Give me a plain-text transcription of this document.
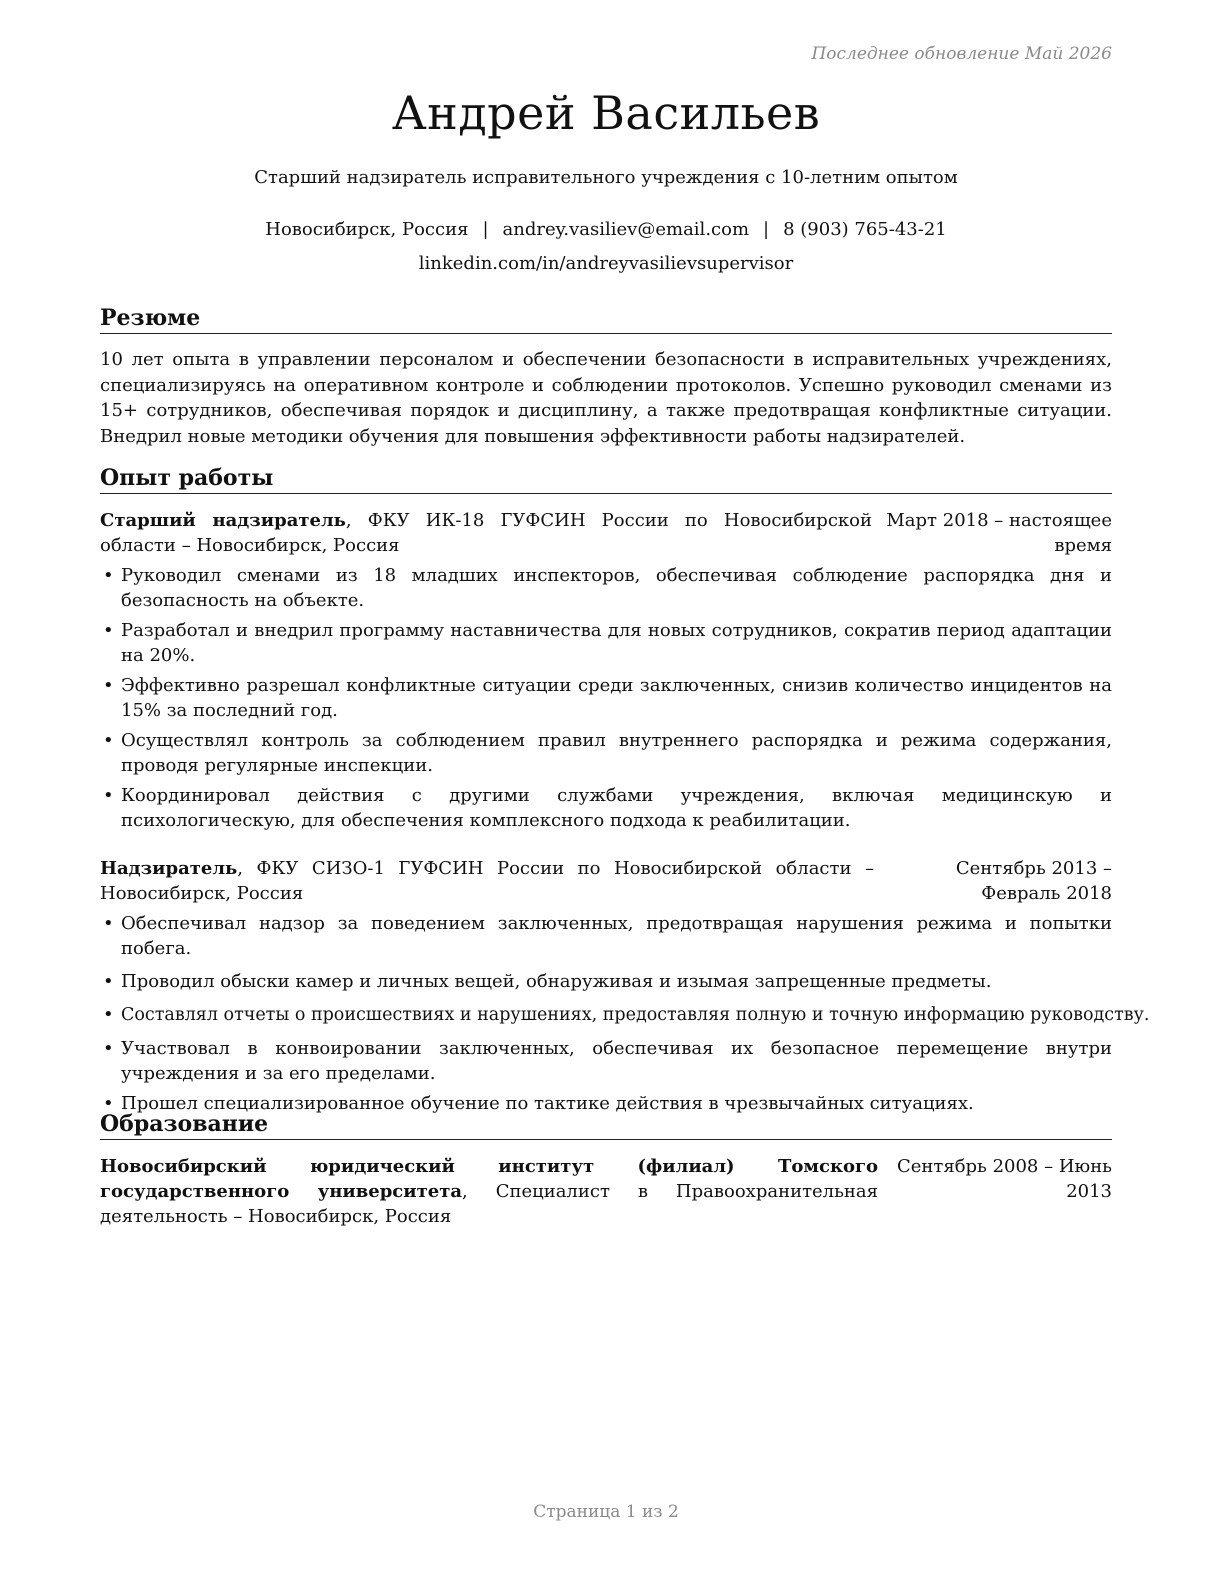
Последнее обновление Май 2026
Андрей Васильев
Старший надзиратель исправительного учреждения с 10-летним опытом
Новосибирск, Россия | andrey.vasiliev@email.com | 8 (903) 765-43-21
linkedin.com/in/andreyvasilievsupervisor
Резюме
10 лет опыта в управлении персоналом и обеспечении безопасности в исправительных учреждениях, специализируясь на оперативном контроле и соблюдении протоколов. Успешно руководил сменами из 15+ сотрудников, обеспечивая порядок и дисциплину, а также предотвращая конфликтные ситуации. Внедрил новые методики обучения для повышения эффективности работы надзирателей.
Опыт работы
Старший надзиратель, ФКУ ИК-18 ГУФСИН России по Новосибирской области – Новосибирск, Россия
Март 2018 – настоящее время
• Руководил сменами из 18 младших инспекторов, обеспечивая соблюдение распорядка дня и безопасность на объекте.
• Разработал и внедрил программу наставничества для новых сотрудников, сократив период адаптации на 20%.
• Эффективно разрешал конфликтные ситуации среди заключенных, снизив количество инцидентов на 15% за последний год.
• Осуществлял контроль за соблюдением правил внутреннего распорядка и режима содержания, проводя регулярные инспекции.
• Координировал действия с другими службами учреждения, включая медицинскую и психологическую, для обеспечения комплексного подхода к реабилитации.
Надзиратель, ФКУ СИЗО-1 ГУФСИН России по Новосибирской области – Новосибирск, Россия
Сентябрь 2013 – Февраль 2018
• Обеспечивал надзор за поведением заключенных, предотвращая нарушения режима и попытки побега.
• Проводил обыски камер и личных вещей, обнаруживая и изымая запрещенные предметы.
• Составлял отчеты о происшествиях и нарушениях, предоставляя полную и точную информацию руководству.
• Участвовал в конвоировании заключенных, обеспечивая их безопасное перемещение внутри учреждения и за его пределами.
• Прошел специализированное обучение по тактике действия в чрезвычайных ситуациях.
Образование
Новосибирский юридический институт (филиал) Томского государственного университета, Специалист в Правоохранительная деятельность – Новосибирск, Россия
Сентябрь 2008 – Июнь 2013
Страница 1 из 2
